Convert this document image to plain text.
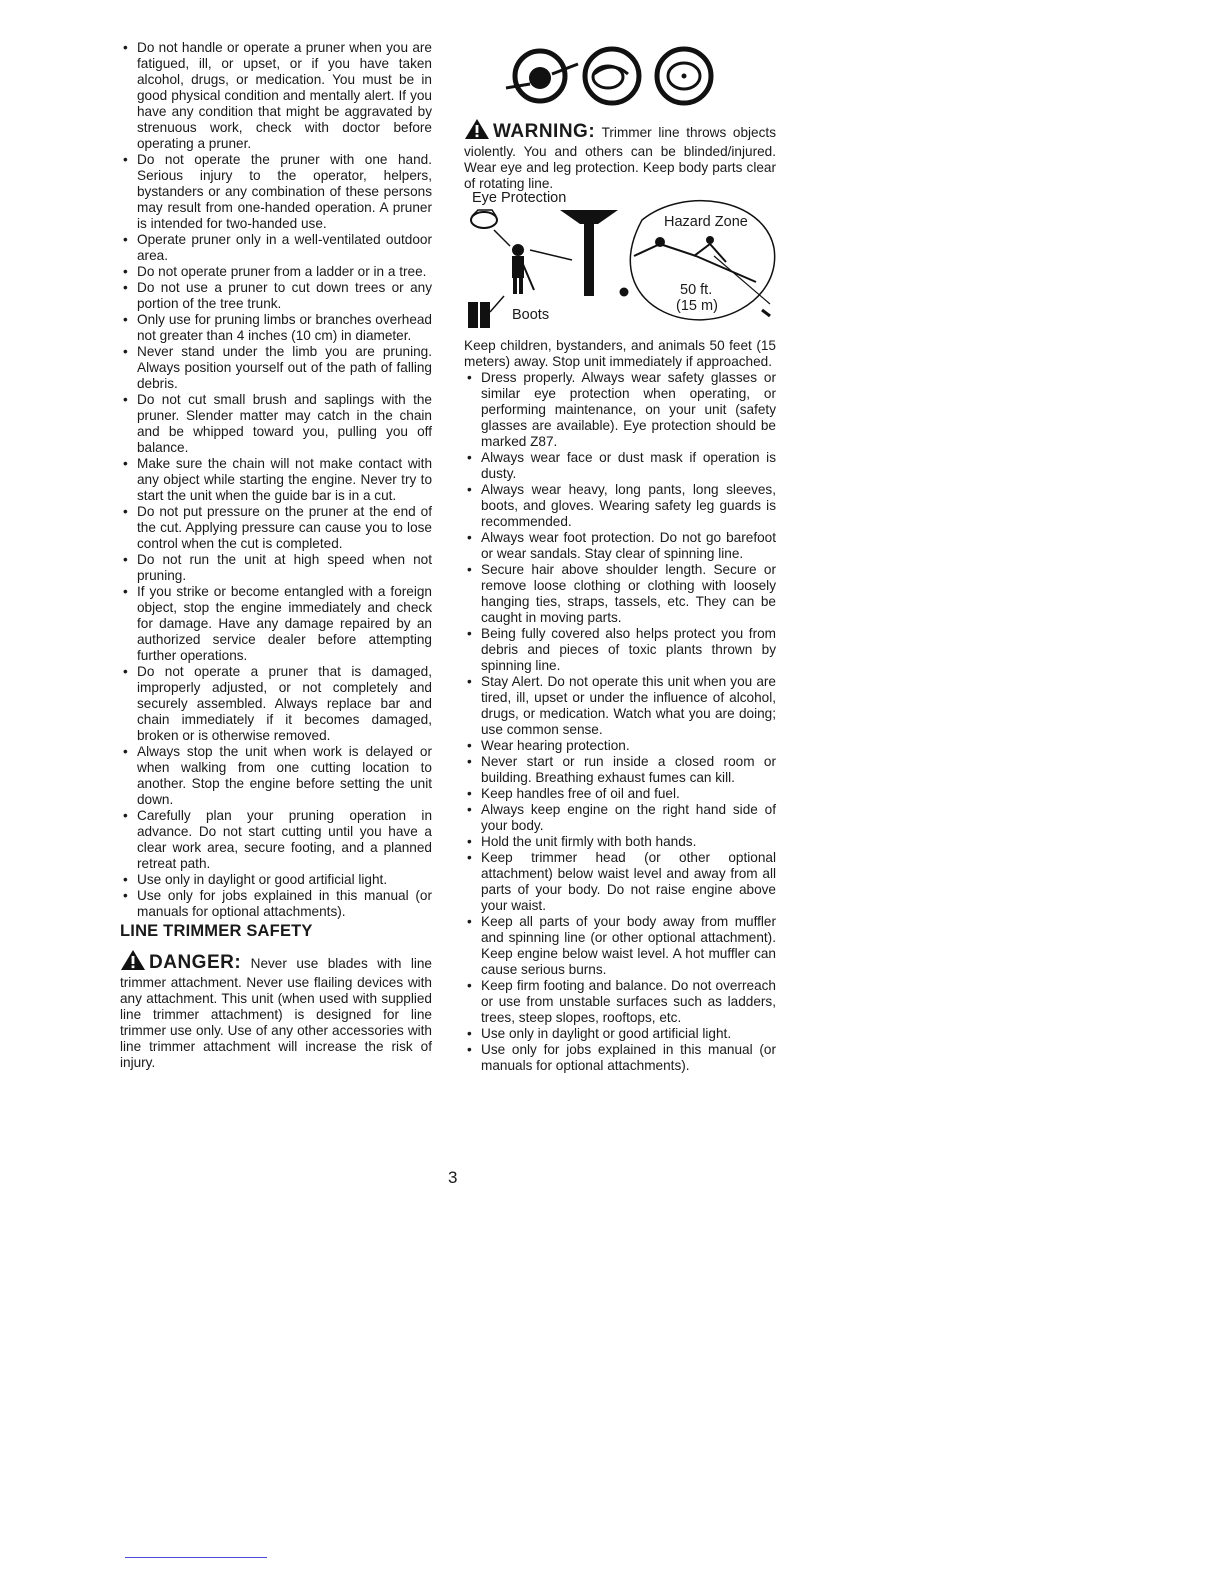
• Do not handle or operate a pruner when you are fatigued, ill, or upset, or if you have taken alcohol, drugs, or medication. You must be in good physical condition and mentally alert. If you have any condition that might be aggravated by strenuous work, check with doctor before operating a pruner.
• Do not operate the pruner with one hand. Serious injury to the operator, helpers, bystanders or any combination of these persons may result from one-handed operation. A pruner is intended for two-handed use.
• Operate pruner only in a well-ventilated outdoor area.
• Do not operate pruner from a ladder or in a tree.
• Do not use a pruner to cut down trees or any portion of the tree trunk.
• Only use for pruning limbs or branches overhead not greater than 4 inches (10 cm) in diameter.
• Never stand under the limb you are pruning. Always position yourself out of the path of falling debris.
• Do not cut small brush and saplings with the pruner. Slender matter may catch in the chain and be whipped toward you, pulling you off balance.
• Make sure the chain will not make contact with any object while starting the engine. Never try to start the unit when the guide bar is in a cut.
• Do not put pressure on the pruner at the end of the cut. Applying pressure can cause you to lose control when the cut is completed.
• Do not run the unit at high speed when not pruning.
• If you strike or become entangled with a foreign object, stop the engine immediately and check for damage. Have any damage repaired by an authorized service dealer before attempting further operations.
• Do not operate a pruner that is damaged, improperly adjusted, or not completely and securely assembled. Always replace bar and chain immediately if it becomes damaged, broken or is otherwise removed.
• Always stop the unit when work is delayed or when walking from one cutting location to another. Stop the engine before setting the unit down.
• Carefully plan your pruning operation in advance. Do not start cutting until you have a clear work area, secure footing, and a planned retreat path.
• Use only in daylight or good artificial light.
• Use only for jobs explained in this manual (or manuals for optional attachments).
LINE TRIMMER SAFETY
DANGER: Never use blades with line trimmer attachment. Never use flailing devices with any attachment. This unit (when used with supplied line trimmer attachment) is designed for line trimmer use only. Use of any other accessories with line trimmer attachment will increase the risk of injury.
WARNING: Trimmer line throws objects violently. You and others can be blinded/injured. Wear eye and leg protection. Keep body parts clear of rotating line.
Eye Protection
Hazard Zone
50 ft.
(15 m)
Boots
Keep children, bystanders, and animals 50 feet (15 meters) away. Stop unit immediately if approached.
• Dress properly. Always wear safety glasses or similar eye protection when operating, or performing maintenance, on your unit (safety glasses are available). Eye protection should be marked Z87.
• Always wear face or dust mask if operation is dusty.
• Always wear heavy, long pants, long sleeves, boots, and gloves. Wearing safety leg guards is recommended.
• Always wear foot protection. Do not go barefoot or wear sandals. Stay clear of spinning line.
• Secure hair above shoulder length. Secure or remove loose clothing or clothing with loosely hanging ties, straps, tassels, etc. They can be caught in moving parts.
• Being fully covered also helps protect you from debris and pieces of toxic plants thrown by spinning line.
• Stay Alert. Do not operate this unit when you are tired, ill, upset or under the influence of alcohol, drugs, or medication. Watch what you are doing; use common sense.
• Wear hearing protection.
• Never start or run inside a closed room or building. Breathing exhaust fumes can kill.
• Keep handles free of oil and fuel.
• Always keep engine on the right hand side of your body.
• Hold the unit firmly with both hands.
• Keep trimmer head (or other optional attachment) below waist level and away from all parts of your body. Do not raise engine above your waist.
• Keep all parts of your body away from muffler and spinning line (or other optional attachment). Keep engine below waist level. A hot muffler can cause serious burns.
• Keep firm footing and balance. Do not overreach or use from unstable surfaces such as ladders, trees, steep slopes, rooftops, etc.
• Use only in daylight or good artificial light.
• Use only for jobs explained in this manual (or manuals for optional attachments).
3
